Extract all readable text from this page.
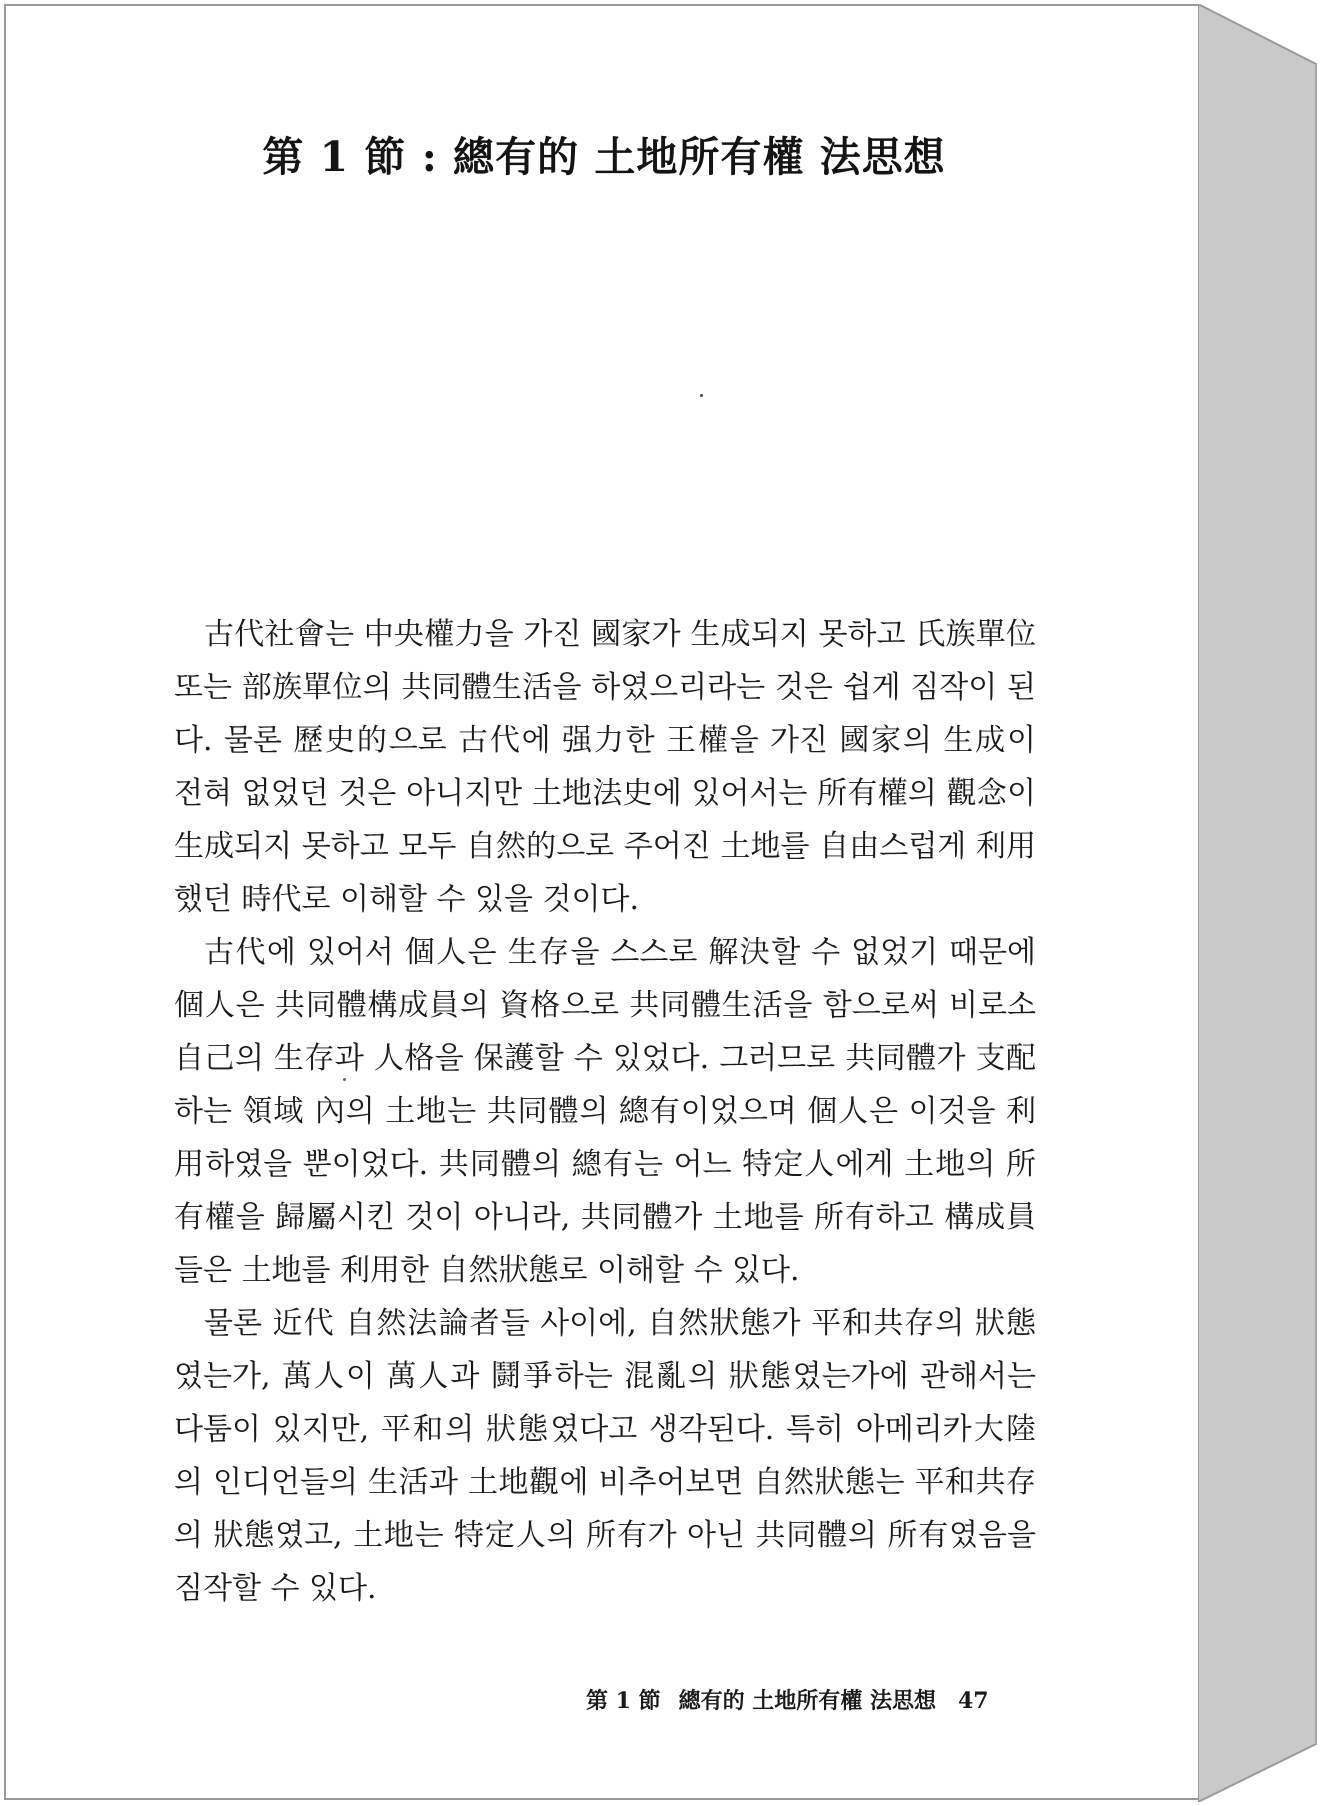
第 1 節 : 總有的 土地所有權 法思想

古代社會는 中央權力을 가진 國家가 生成되지 못하고 氏族單位 또는 部族單位의 共同體生活을 하였으리라는 것은 쉽게 짐작이 된다. 물론 歷史的으로 古代에 强力한 王權을 가진 國家의 生成이 전혀 없었던 것은 아니지만 土地法史에 있어서는 所有權의 觀念이 生成되지 못하고 모두 自然的으로 주어진 土地를 自由스럽게 利用했던 時代로 이해할 수 있을 것이다.

古代에 있어서 個人은 生存을 스스로 解決할 수 없었기 때문에 個人은 共同體構成員의 資格으로 共同體生活을 함으로써 비로소 自己의 生存과 人格을 保護할 수 있었다. 그러므로 共同體가 支配하는 領域 內의 土地는 共同體의 總有이었으며 個人은 이것을 利用하였을 뿐이었다. 共同體의 總有는 어느 特定人에게 土地의 所有權을 歸屬시킨 것이 아니라, 共同體가 土地를 所有하고 構成員들은 土地를 利用한 自然狀態로 이해할 수 있다.

물론 近代 自然法論者들 사이에, 自然狀態가 平和共存의 狀態였는가, 萬人이 萬人과 鬪爭하는 混亂의 狀態였는가에 관해서는 다툼이 있지만, 平和의 狀態였다고 생각된다. 특히 아메리카大陸의 인디언들의 生活과 土地觀에 비추어보면 自然狀態는 平和共存의 狀態였고, 土地는 特定人의 所有가 아닌 共同體의 所有였음을 짐작할 수 있다.

第 1 節 總有的 土地所有權 法思想 47
